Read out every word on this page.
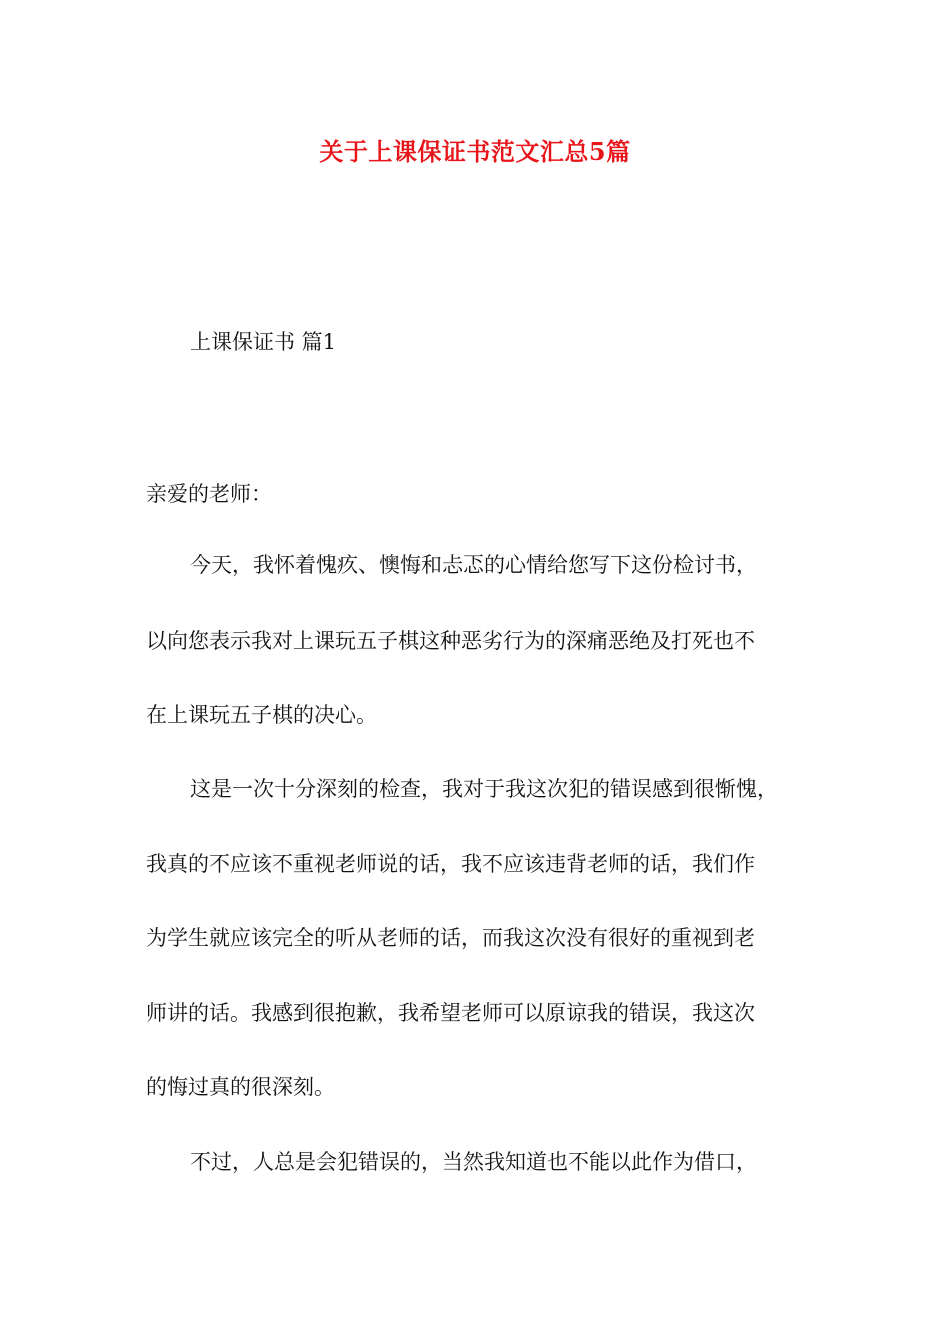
关于上课保证书范文汇总5篇

上课保证书 篇1

亲爱的老师：

今天，我怀着愧疚、懊悔和忐忑的心情给您写下这份检讨书，

以向您表示我对上课玩五子棋这种恶劣行为的深痛恶绝及打死也不

在上课玩五子棋的决心。

这是一次十分深刻的检查，我对于我这次犯的错误感到很惭愧，

我真的不应该不重视老师说的话，我不应该违背老师的话，我们作

为学生就应该完全的听从老师的话，而我这次没有很好的重视到老

师讲的话。我感到很抱歉，我希望老师可以原谅我的错误，我这次

的悔过真的很深刻。

不过，人总是会犯错误的，当然我知道也不能以此作为借口，
